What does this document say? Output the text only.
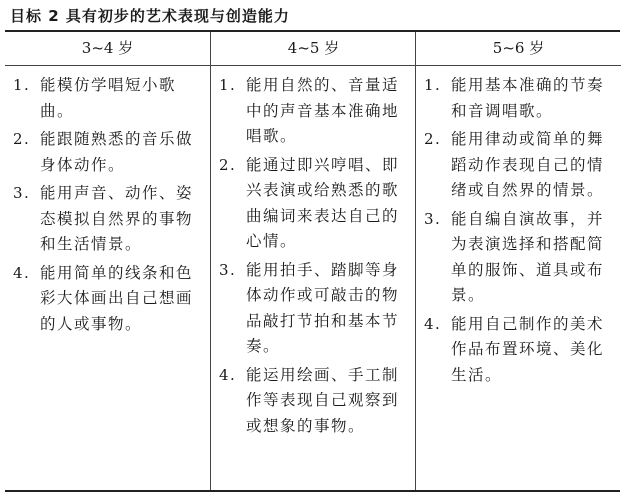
目标 2 具有初步的艺术表现与创造能力
3~4 岁
1. 能模仿学唱短小歌曲。
2. 能跟随熟悉的音乐做身体动作。
3. 能用声音、动作、姿态模拟自然界的事物和生活情景。
4. 能用简单的线条和色彩大体画出自己想画的人或事物。
4~5 岁
1. 能用自然的、音量适中的声音基本准确地唱歌。
2. 能通过即兴哼唱、即兴表演或给熟悉的歌曲编词来表达自己的心情。
3. 能用拍手、踏脚等身体动作或可敲击的物品敲打节拍和基本节奏。
4. 能运用绘画、手工制作等表现自己观察到或想象的事物。
5~6 岁
1. 能用基本准确的节奏和音调唱歌。
2. 能用律动或简单的舞蹈动作表现自己的情绪或自然界的情景。
3. 能自编自演故事，并为表演选择和搭配简单的服饰、道具或布景。
4. 能用自己制作的美术作品布置环境、美化生活。
